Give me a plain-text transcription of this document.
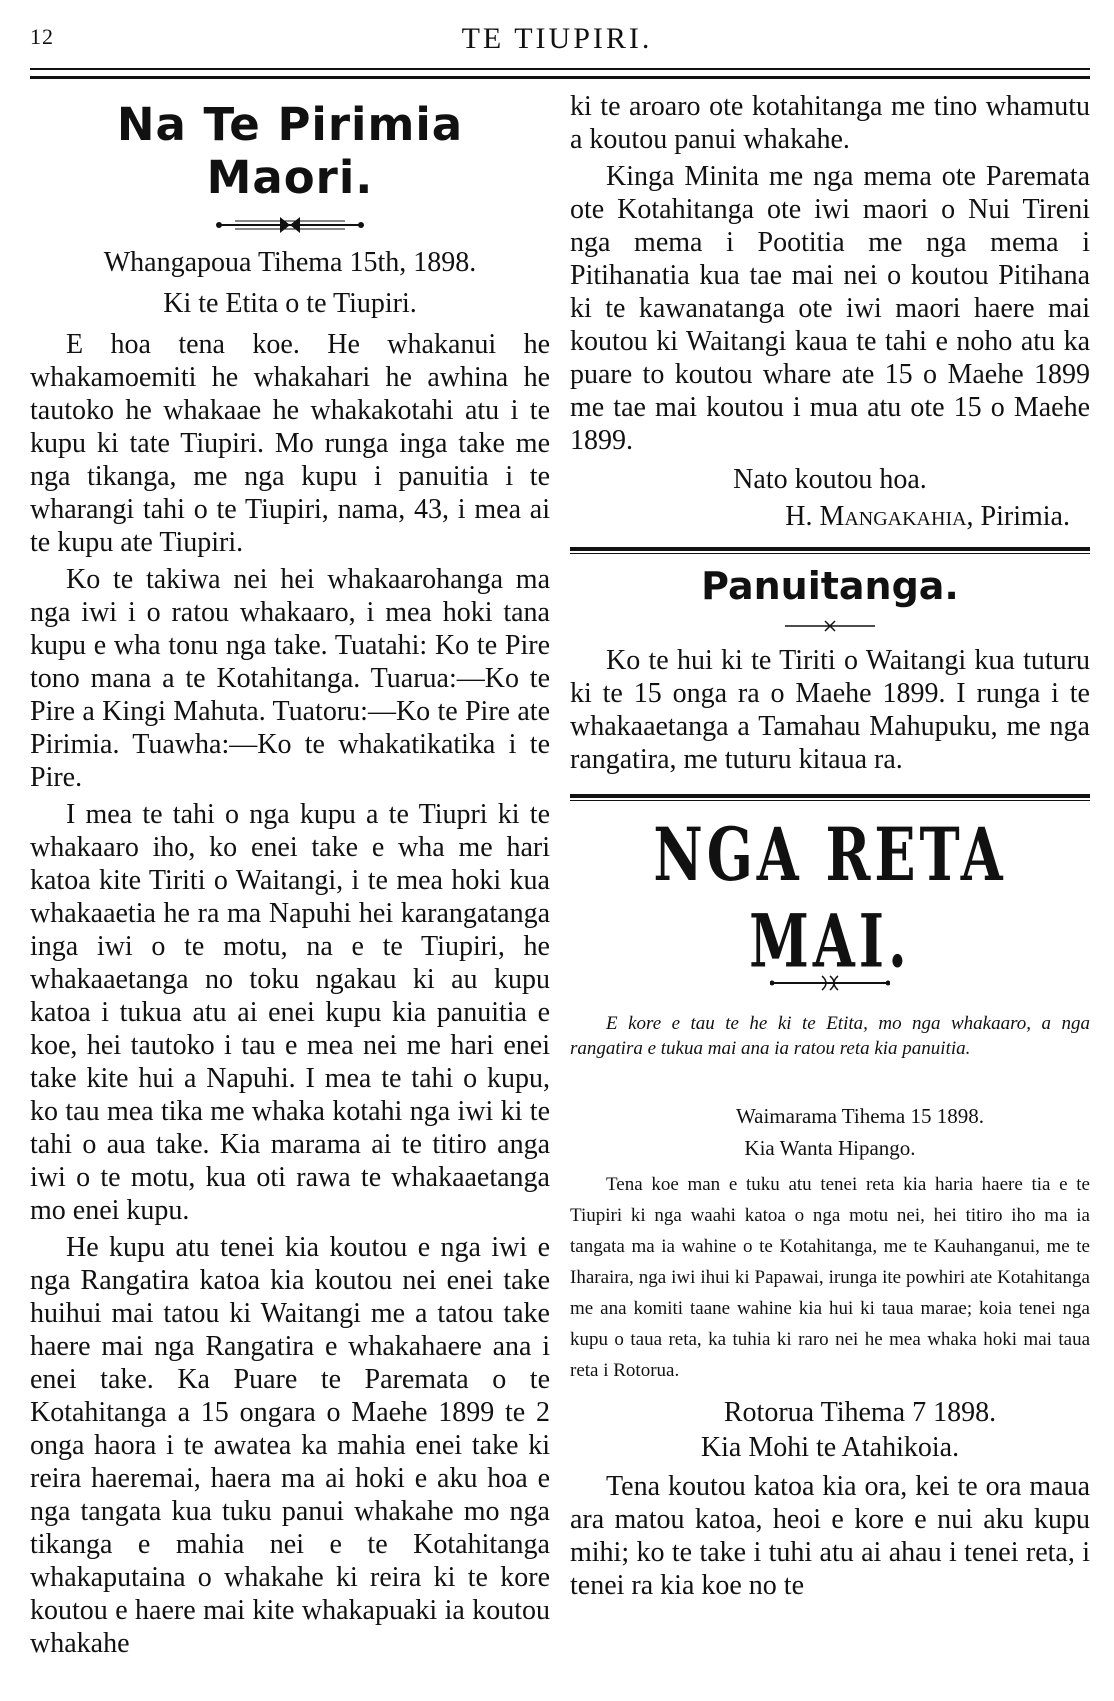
12	TE TIUPIRI.
Na Te Pirimia Maori.

Whangapoua Tihema 15th, 1898.

Ki te Etita o te Tiupiri.

E hoa tena koe. He whakanui he whakamoemiti he whakahari he awhina he tautoko he whakaae he whakakotahi atu i te kupu ki tate Tiupiri. Mo runga inga take me nga tikanga, me nga kupu i panuitia i te wharangi tahi o te Tiupiri, nama, 43, i mea ai te kupu ate Tiupiri.

Ko te takiwa nei hei whakaarohanga ma nga iwi i o ratou whakaaro, i mea hoki tana kupu e wha tonu nga take. Tuatahi: Ko te Pire tono mana a te Kotahitanga. Tuarua:—Ko te Pire a Kingi Mahuta. Tuatoru:—Ko te Pire ate Pirimia. Tuawha:—Ko te whakatikatika i te Pire.

I mea te tahi o nga kupu a te Tiupri ki te whakaaro iho, ko enei take e wha me hari katoa kite Tiriti o Waitangi, i te mea hoki kua whakaaetia he ra ma Napuhi hei karangatanga inga iwi o te motu, na e te Tiupiri, he whakaaetanga no toku ngakau ki au kupu katoa i tukua atu ai enei kupu kia panuitia e koe, hei tautoko i tau e mea nei me hari enei take kite hui a Napuhi. I mea te tahi o kupu, ko tau mea tika me whaka kotahi nga iwi ki te tahi o aua take. Kia marama ai te titiro anga iwi o te motu, kua oti rawa te whakaaetanga mo enei kupu.

He kupu atu tenei kia koutou e nga iwi e nga Rangatira katoa kia koutou nei enei take huihui mai tatou ki Waitangi me a tatou take haere mai nga Rangatira e whakahaere ana i enei take. Ka Puare te Paremata o te Kotahitanga a 15 ongara o Maehe 1899 te 2 onga haora i te awatea ka mahia enei take ki reira haeremai, haera ma ai hoki e aku hoa e nga tangata kua tuku panui whakahe mo nga tikanga e mahia nei e te Kotahitanga whakaputaina o whakahe ki reira ki te kore koutou e haere mai kite whakapuaki ia koutou whakahe

ki te aroaro ote kotahitanga me tino whamutu a koutou panui whakahe.

Kinga Minita me nga mema ote Paremata ote Kotahitanga ote iwi maori o Nui Tireni nga mema i Pootitia me nga mema i Pitihanatia kua tae mai nei o koutou Pitihana ki te kawanatanga ote iwi maori haere mai koutou ki Waitangi kaua te tahi e noho atu ka puare to koutou whare ate 15 o Maehe 1899 me tae mai koutou i mua atu ote 15 o Maehe 1899.

Nato koutou hoa.

H. Mangakahia, Pirimia.

Panuitanga.

Ko te hui ki te Tiriti o Waitangi kua tuturu ki te 15 onga ra o Maehe 1899. I runga i te whakaaetanga a Tamahau Mahupuku, me nga rangatira, me tuturu kitaua ra.

NGA RETA MAI.

E kore e tau te he ki te Etita, mo nga whakaaro, a nga rangatira e tukua mai ana ia ratou reta kia panuitia.

Waimarama Tihema 15 1898.

Kia Wanta Hipango.

Tena koe man e tuku atu tenei reta kia haria haere tia e te Tiupiri ki nga waahi katoa o nga motu nei, hei titiro iho ma ia tangata ma ia wahine o te Kotahitanga, me te Kauhanganui, me te Iharaira, nga iwi ihui ki Papawai, irunga ite powhiri ate Kotahitanga me ana komiti taane wahine kia hui ki taua marae; koia tenei nga kupu o taua reta, ka tuhia ki raro nei he mea whaka hoki mai taua reta i Rotorua.

Rotorua Tihema 7 1898.

Kia Mohi te Atahikoia.

Tena koutou katoa kia ora, kei te ora maua ara matou katoa, heoi e kore e nui aku kupu mihi; ko te take i tuhi atu ai ahau i tenei reta, i tenei ra kia koe no te
